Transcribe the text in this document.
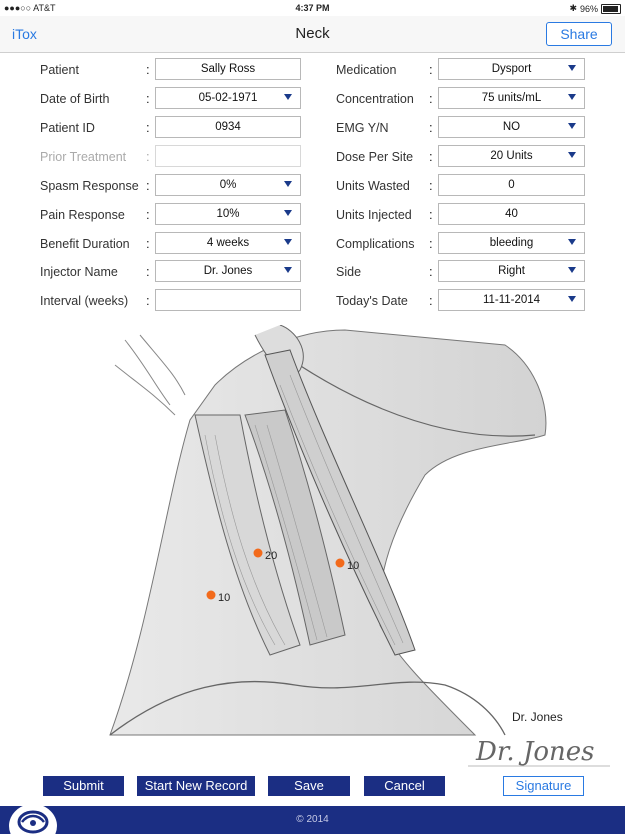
●●●○○ AT&T	4:37 PM	✱ 96%
iTox	Neck	Share
Patient	:	Sally Ross
Date of Birth	:	05-02-1971
Patient ID	:	0934
Prior Treatment :
Spasm Response :	0%
Pain Response :	10%
Benefit Duration :	4 weeks
Injector Name :	Dr. Jones
Interval (weeks) :
Medication	:	Dysport
Concentration :	75 units/mL
EMG Y/N	:	NO
Dose Per Site :	20 Units
Units Wasted :	0
Units Injected :	40
Complications :	bleeding
Side	:	Right
Today's Date :	11-11-2014
20
10
10
Dr. Jones
Dr. Jones
Submit	Start New Record	Save	Cancel	Signature
© 2014
